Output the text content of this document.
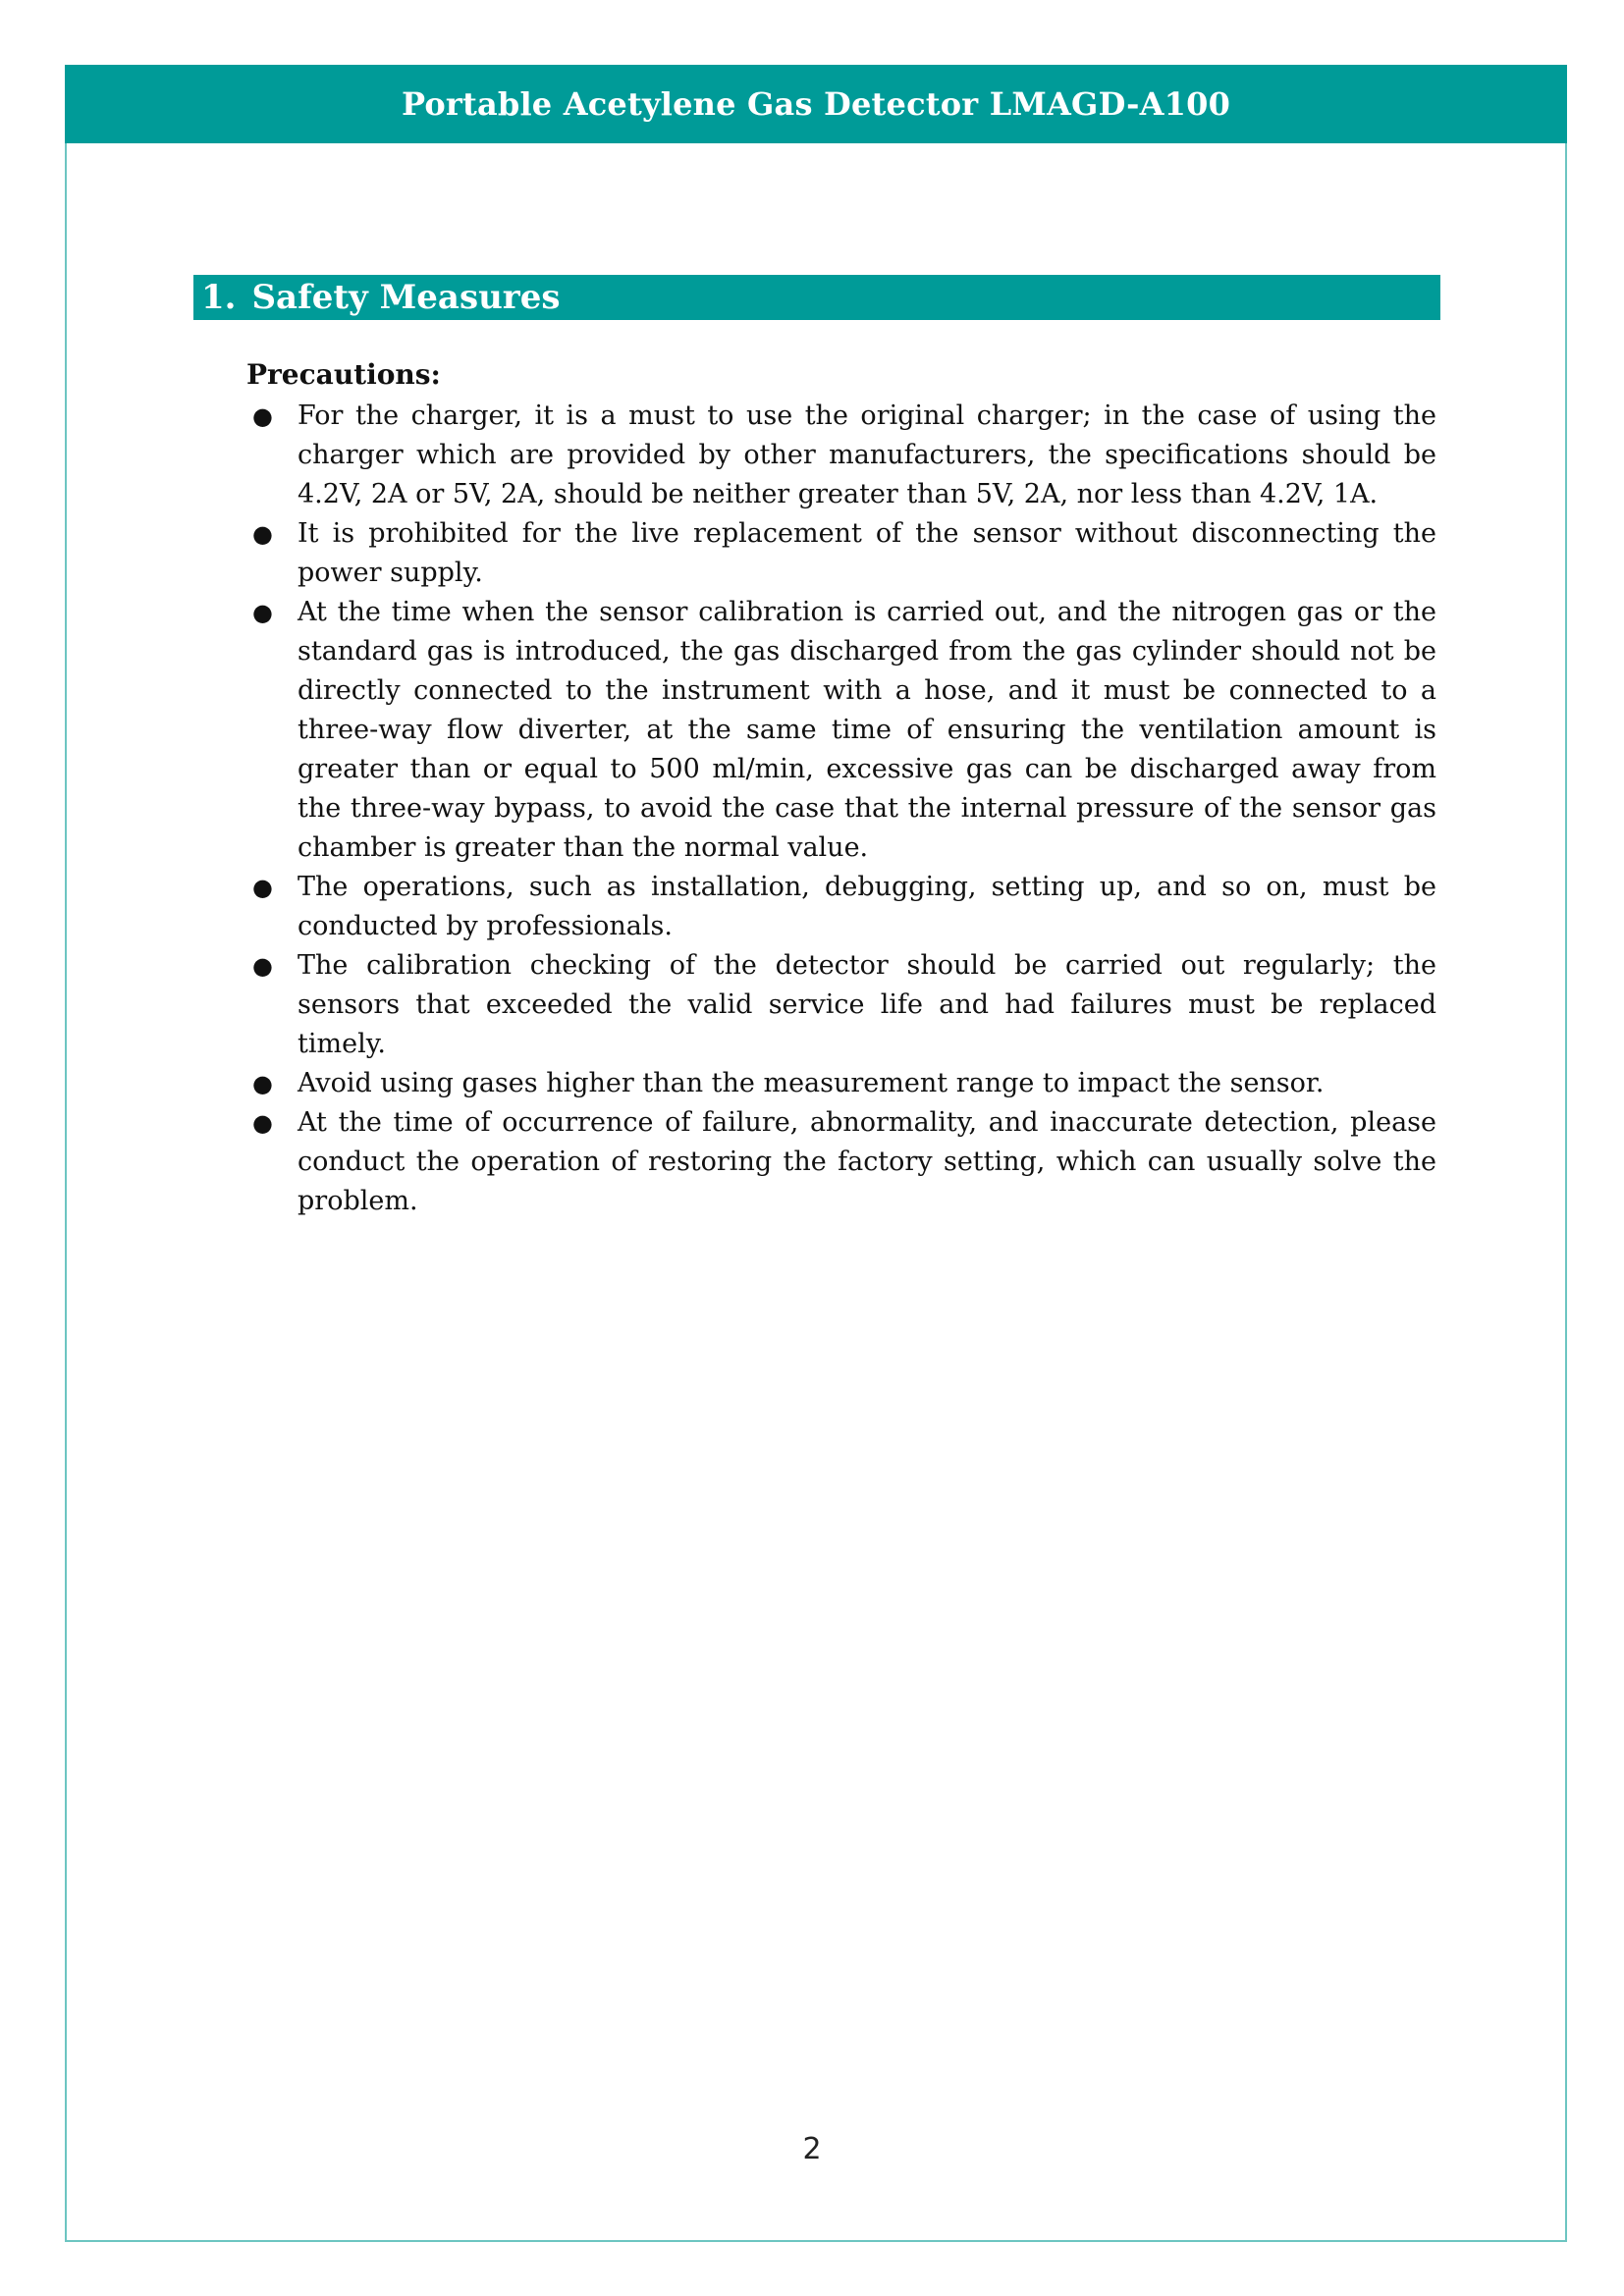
Portable Acetylene Gas Detector LMAGD-A100
1. Safety Measures

Precautions:

● For the charger, it is a must to use the original charger; in the case of using the charger which are provided by other manufacturers, the specifications should be 4.2V, 2A or 5V, 2A, should be neither greater than 5V, 2A, nor less than 4.2V, 1A.
● It is prohibited for the live replacement of the sensor without disconnecting the power supply.
● At the time when the sensor calibration is carried out, and the nitrogen gas or the standard gas is introduced, the gas discharged from the gas cylinder should not be directly connected to the instrument with a hose, and it must be connected to a three-way flow diverter, at the same time of ensuring the ventilation amount is greater than or equal to 500 ml/min, excessive gas can be discharged away from the three-way bypass, to avoid the case that the internal pressure of the sensor gas chamber is greater than the normal value.
● The operations, such as installation, debugging, setting up, and so on, must be conducted by professionals.
● The calibration checking of the detector should be carried out regularly; the sensors that exceeded the valid service life and had failures must be replaced timely.
● Avoid using gases higher than the measurement range to impact the sensor.
● At the time of occurrence of failure, abnormality, and inaccurate detection, please conduct the operation of restoring the factory setting, which can usually solve the problem.
2
